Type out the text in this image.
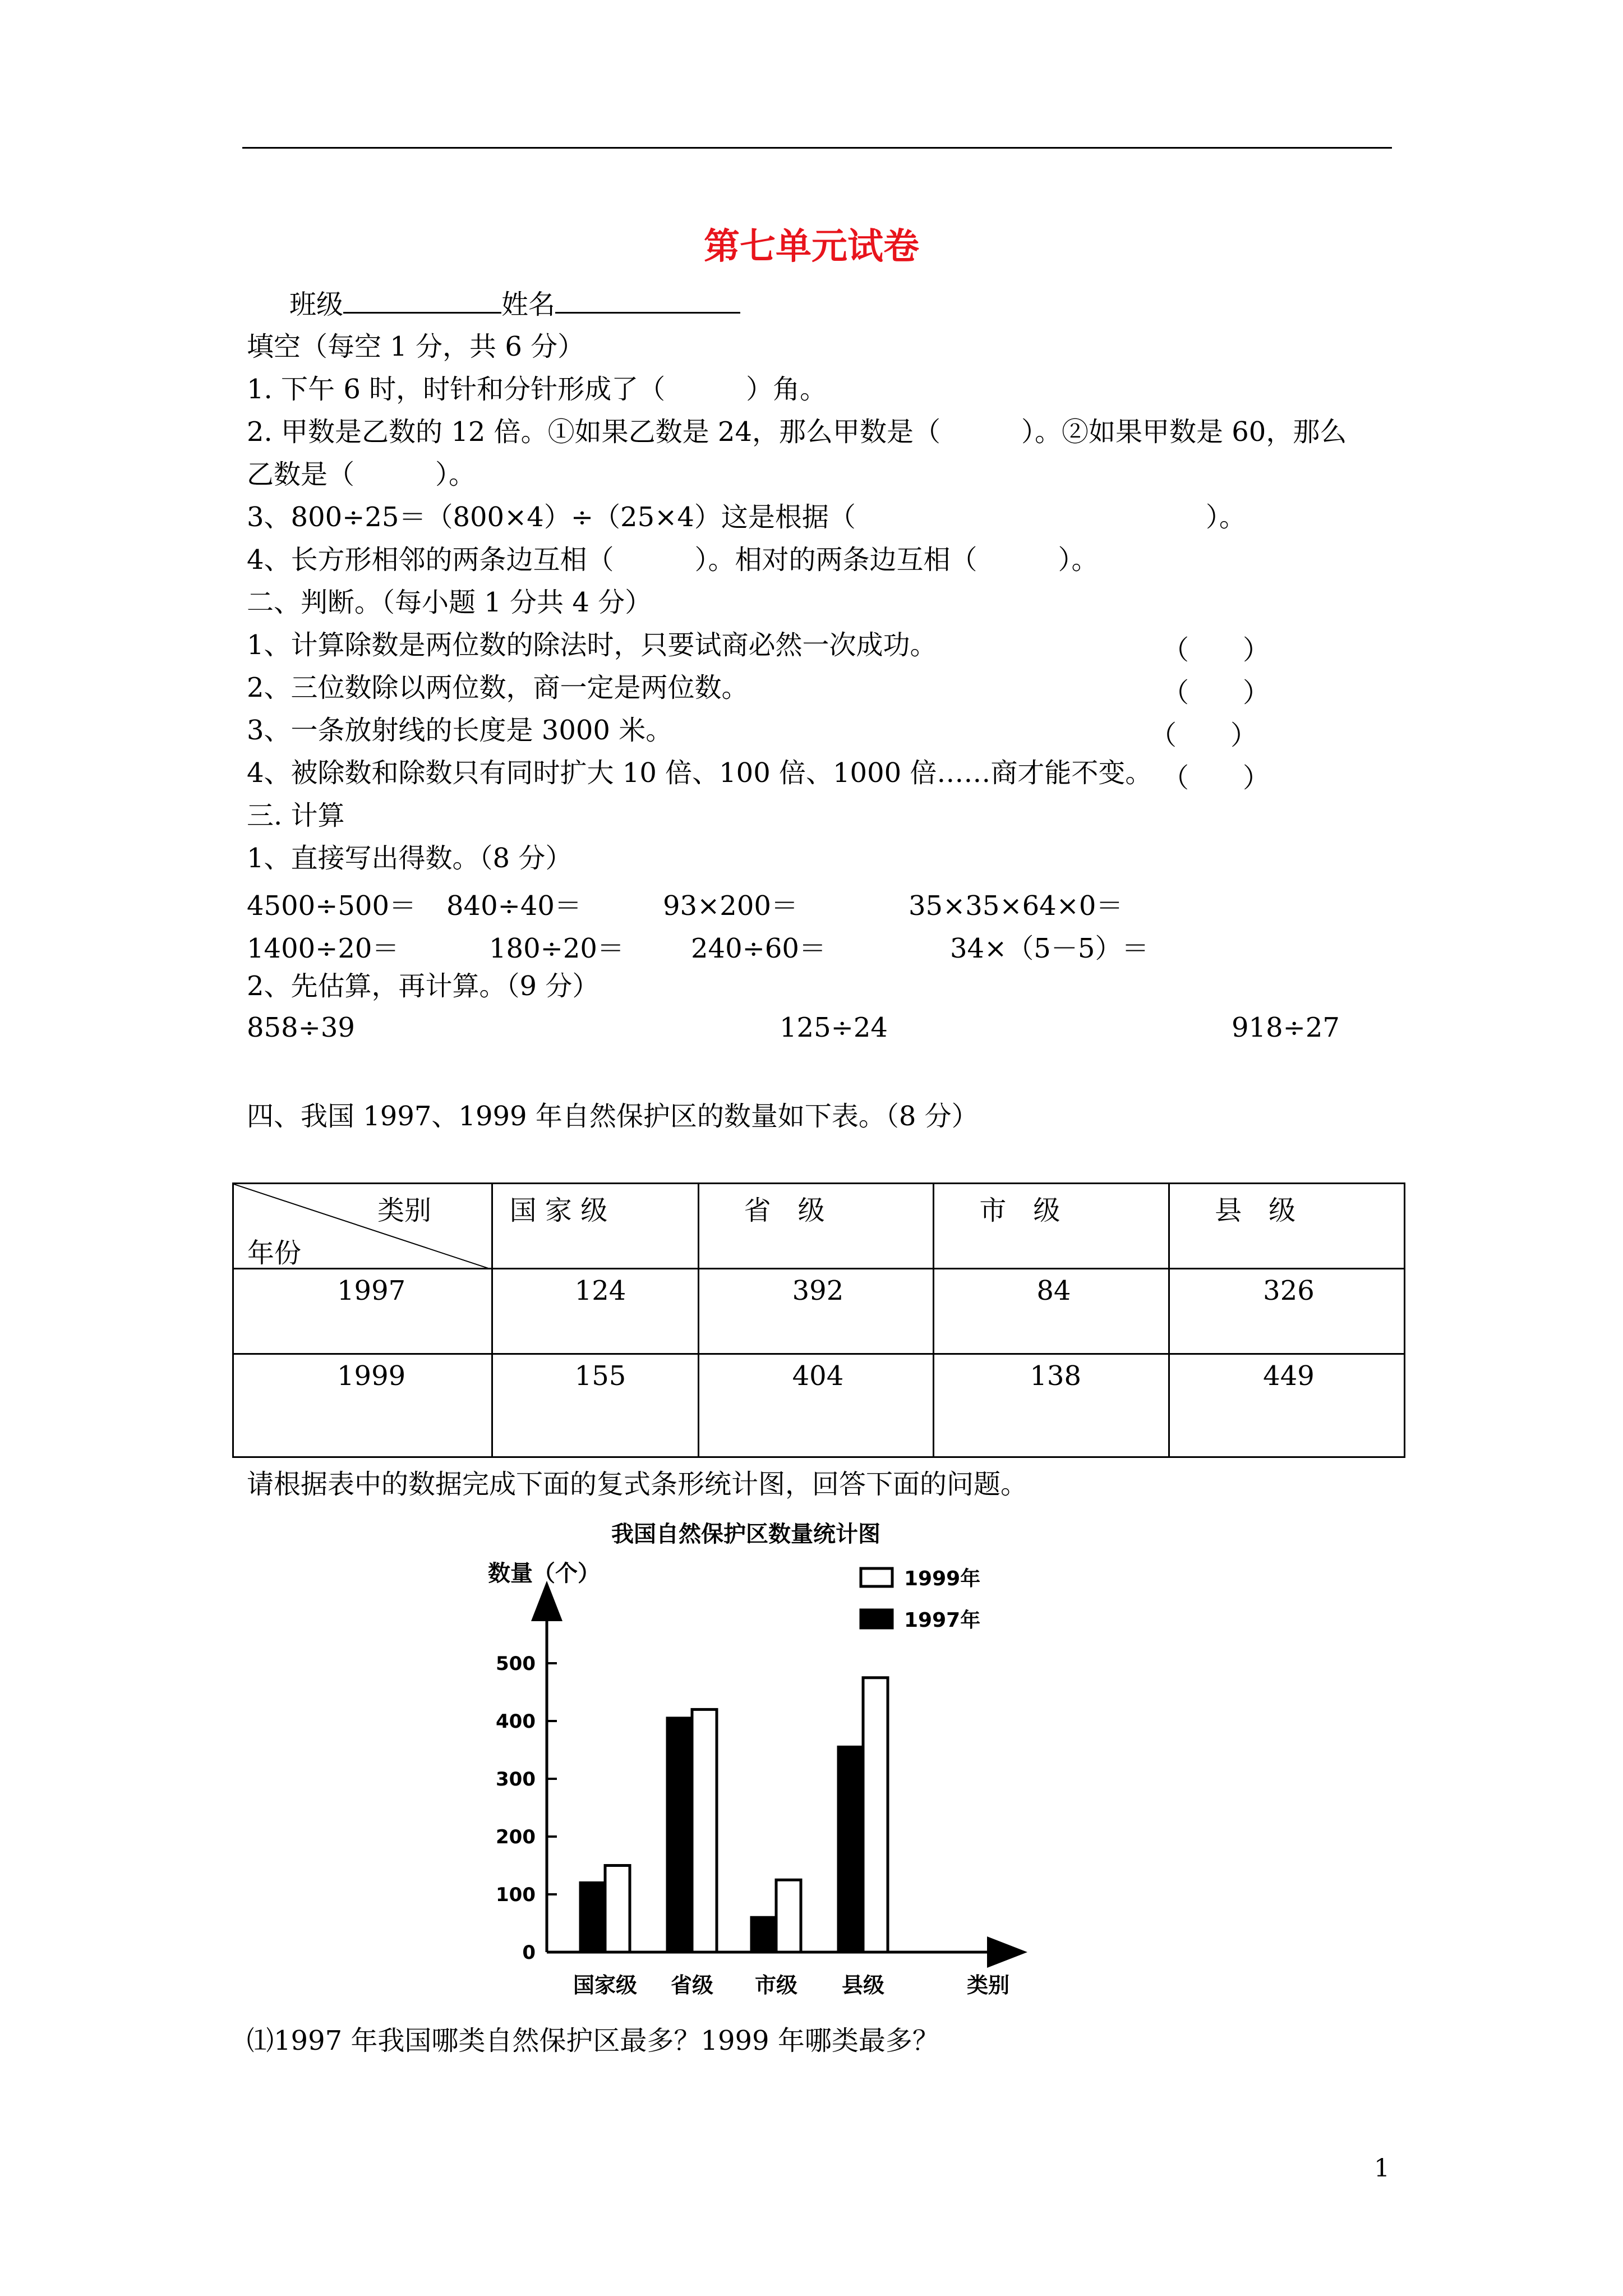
第七单元试卷
班级	姓名
填空（每空 1 分，共 6 分）
1. 下午 6 时，时针和分针形成了（　　　）角。
2. 甲数是乙数的 12 倍。①如果乙数是 24，那么甲数是（　　　）。②如果甲数是 60，那么
乙数是（　　　）。
3、800÷25＝（800×4）÷（25×4）这是根据（　　　　　　　　　　　　　）。
4、长方形相邻的两条边互相（　　　）。相对的两条边互相（　　　）。
二、判断。（每小题 1 分共 4 分）
1、计算除数是两位数的除法时，只要试商必然一次成功。	（　　）
2、三位数除以两位数，商一定是两位数。	（　　）
3、一条放射线的长度是 3000 米。	（　　）
4、被除数和除数只有同时扩大 10 倍、100 倍、1000 倍……商才能不变。 （　　）
三. 计算
1、直接写出得数。（8 分）
4500÷500＝ 840÷40＝	93×200＝	35×35×64×0＝
1400÷20＝	180÷20＝ 240÷60＝	34×（5－5）＝
2、先估算，再计算。（9 分）
858÷39	125÷24	918÷27
四、我国 1997、1999 年自然保护区的数量如下表。（8 分）
类别
年份	国 家 级	省　级	市　级	县　级

1997	124	392	84	326

1999	155	404	138	449
请根据表中的数据完成下面的复式条形统计图，回答下面的问题。
我国自然保护区数量统计图
数量（个）
类别
0
100
200
300
400
500
国家级 省级 市级 县级
1999年
1997年
⑴1997 年我国哪类自然保护区最多？1999 年哪类最多？
1
